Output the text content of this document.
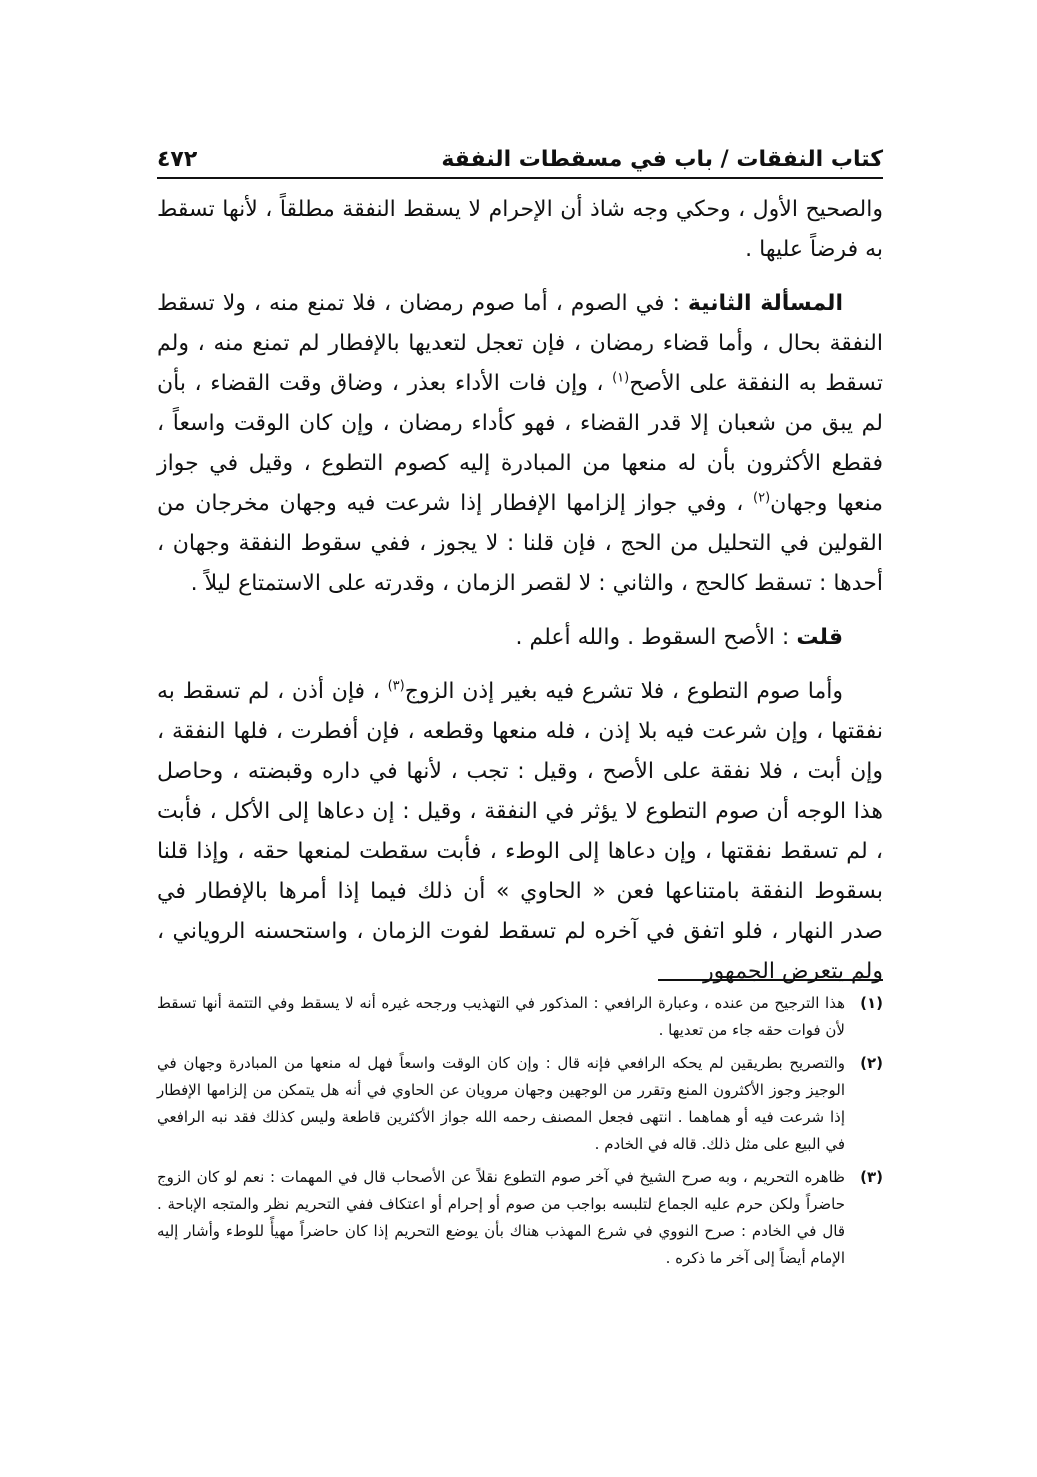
كتاب النفقات / باب في مسقطات النفقة
٤٧٢

والصحيح الأول ، وحكي وجه شاذ أن الإحرام لا يسقط النفقة مطلقاً ، لأنها تسقط به فرضاً عليها .

المسألة الثانية : في الصوم ، أما صوم رمضان ، فلا تمنع منه ، ولا تسقط النفقة بحال ، وأما قضاء رمضان ، فإن تعجل لتعديها بالإفطار لم تمنع منه ، ولم تسقط به النفقة على الأصح$^{(١)}$ ، وإن فات الأداء بعذر ، وضاق وقت القضاء ، بأن لم يبق من شعبان إلا قدر القضاء ، فهو كأداء رمضان ، وإن كان الوقت واسعاً ، فقطع الأكثرون بأن له منعها من المبادرة إليه كصوم التطوع ، وقيل في جواز منعها وجهان$^{(٢)}$ ، وفي جواز إلزامها الإفطار إذا شرعت فيه وجهان مخرجان من القولين في التحليل من الحج ، فإن قلنا : لا يجوز ، ففي سقوط النفقة وجهان ، أحدها : تسقط كالحج ، والثاني : لا لقصر الزمان ، وقدرته على الاستمتاع ليلاً .

قلت : الأصح السقوط . والله أعلم .

وأما صوم التطوع ، فلا تشرع فيه بغير إذن الزوج$^{(٣)}$ ، فإن أذن ، لم تسقط به نفقتها ، وإن شرعت فيه بلا إذن ، فله منعها وقطعه ، فإن أفطرت ، فلها النفقة ، وإن أبت ، فلا نفقة على الأصح ، وقيل : تجب ، لأنها في داره وقبضته ، وحاصل هذا الوجه أن صوم التطوع لا يؤثر في النفقة ، وقيل : إن دعاها إلى الأكل ، فأبت ، لم تسقط نفقتها ، وإن دعاها إلى الوطء ، فأبت سقطت لمنعها حقه ، وإذا قلنا بسقوط النفقة بامتناعها فعن « الحاوي » أن ذلك فيما إذا أمرها بالإفطار في صدر النهار ، فلو اتفق في آخره لم تسقط لفوت الزمان ، واستحسنه الروياني ، ولم يتعرض الجمهور

(١)
هذا الترجيح من عنده ، وعبارة الرافعي : المذكور في التهذيب ورجحه غيره أنه لا يسقط وفي التتمة أنها تسقط لأن فوات حقه جاء من تعديها .
(٢)
والتصريح بطريقين لم يحكه الرافعي فإنه قال : وإن كان الوقت واسعاً فهل له منعها من المبادرة وجهان في الوجيز وجوز الأكثرون المنع وتقرر من الوجهين وجهان مرويان عن الحاوي في أنه هل يتمكن من إلزامها الإفطار إذا شرعت فيه أو هماهما . انتهى فجعل المصنف رحمه الله جواز الأكثرين قاطعة وليس كذلك فقد نبه الرافعي في البيع على مثل ذلك. قاله في الخادم .
(٣)
ظاهره التحريم ، وبه صرح الشيخ في آخر صوم التطوع نقلاً عن الأصحاب قال في المهمات : نعم لو كان الزوج حاضراً ولكن حرم عليه الجماع لتلبسه بواجب من صوم أو إحرام أو اعتكاف ففي التحريم نظر والمتجه الإباحة . قال في الخادم : صرح النووي في شرع المهذب هناك بأن يوضع التحريم إذا كان حاضراً مهيأً للوطء وأشار إليه الإمام أيضاً إلى آخر ما ذكره .
